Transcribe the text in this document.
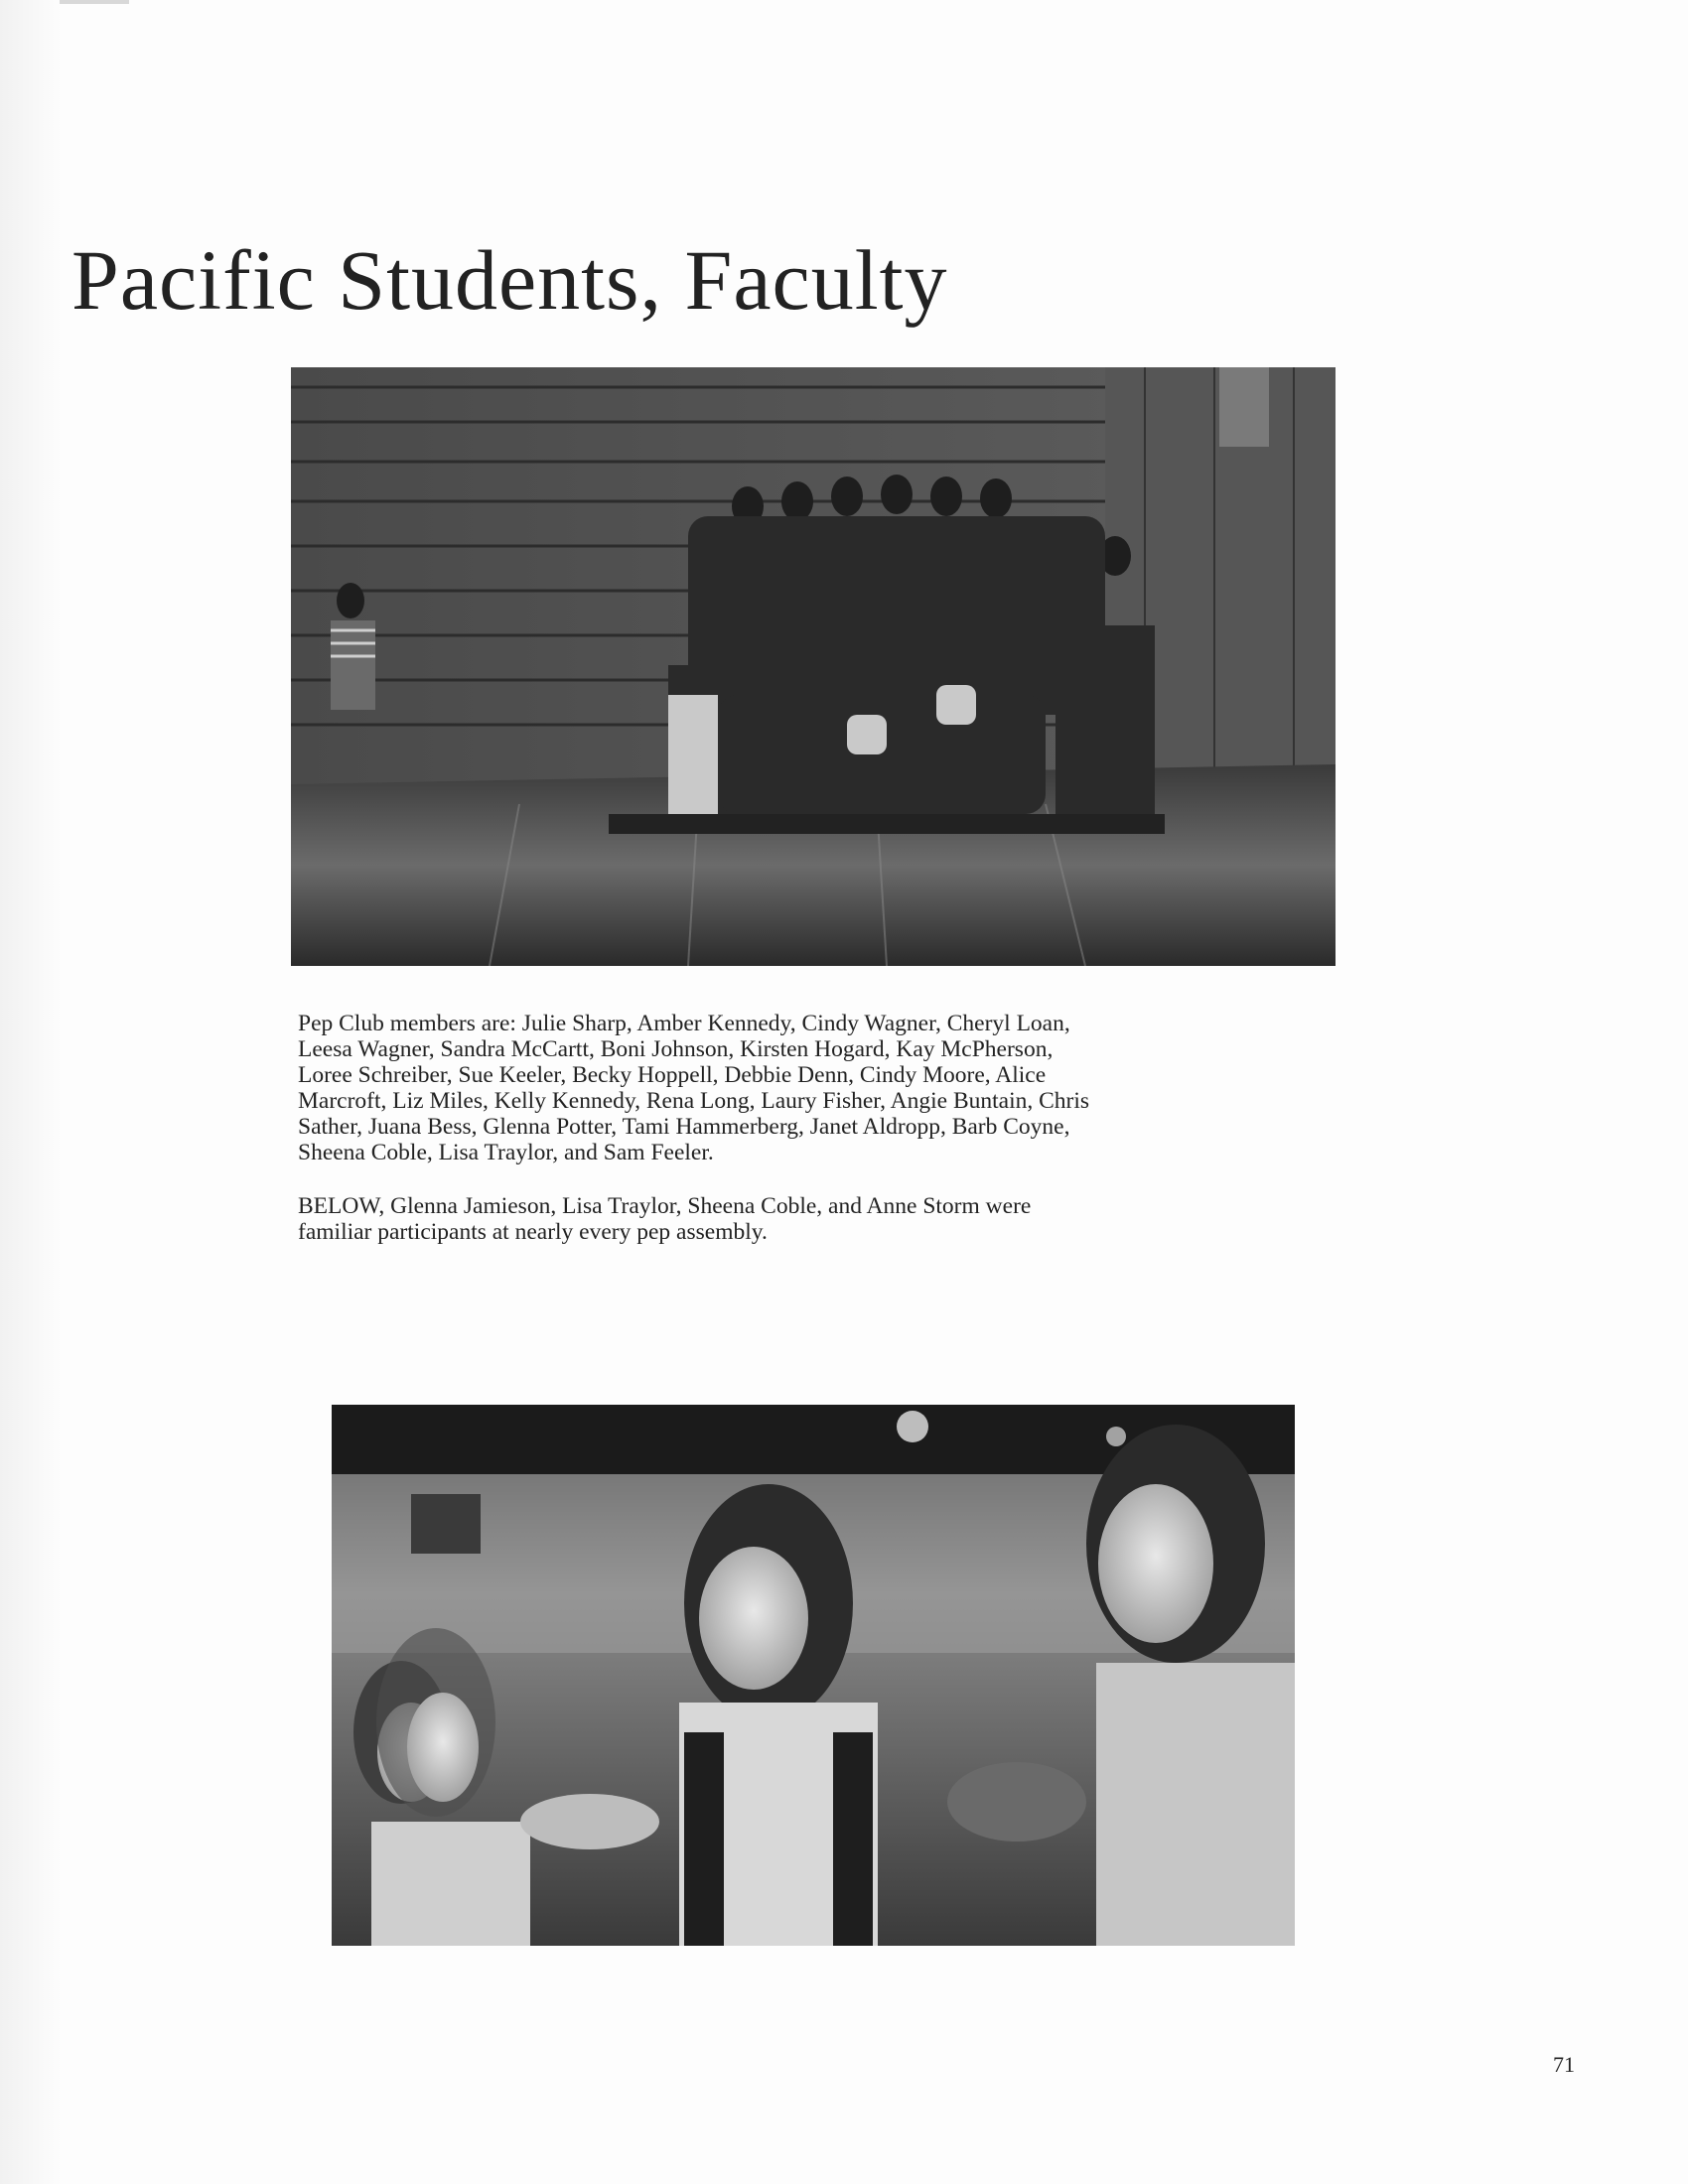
Pacific Students, Faculty
Pep Club members are: Julie Sharp, Amber Kennedy, Cindy Wagner, Cheryl Loan,
Leesa Wagner, Sandra McCartt, Boni Johnson, Kirsten Hogard, Kay McPherson,
Loree Schreiber, Sue Keeler, Becky Hoppell, Debbie Denn, Cindy Moore, Alice
Marcroft, Liz Miles, Kelly Kennedy, Rena Long, Laury Fisher, Angie Buntain, Chris
Sather, Juana Bess, Glenna Potter, Tami Hammerberg, Janet Aldropp, Barb Coyne,
Sheena Coble, Lisa Traylor, and Sam Feeler.
BELOW, Glenna Jamieson, Lisa Traylor, Sheena Coble, and Anne Storm were
familiar participants at nearly every pep assembly.
71
